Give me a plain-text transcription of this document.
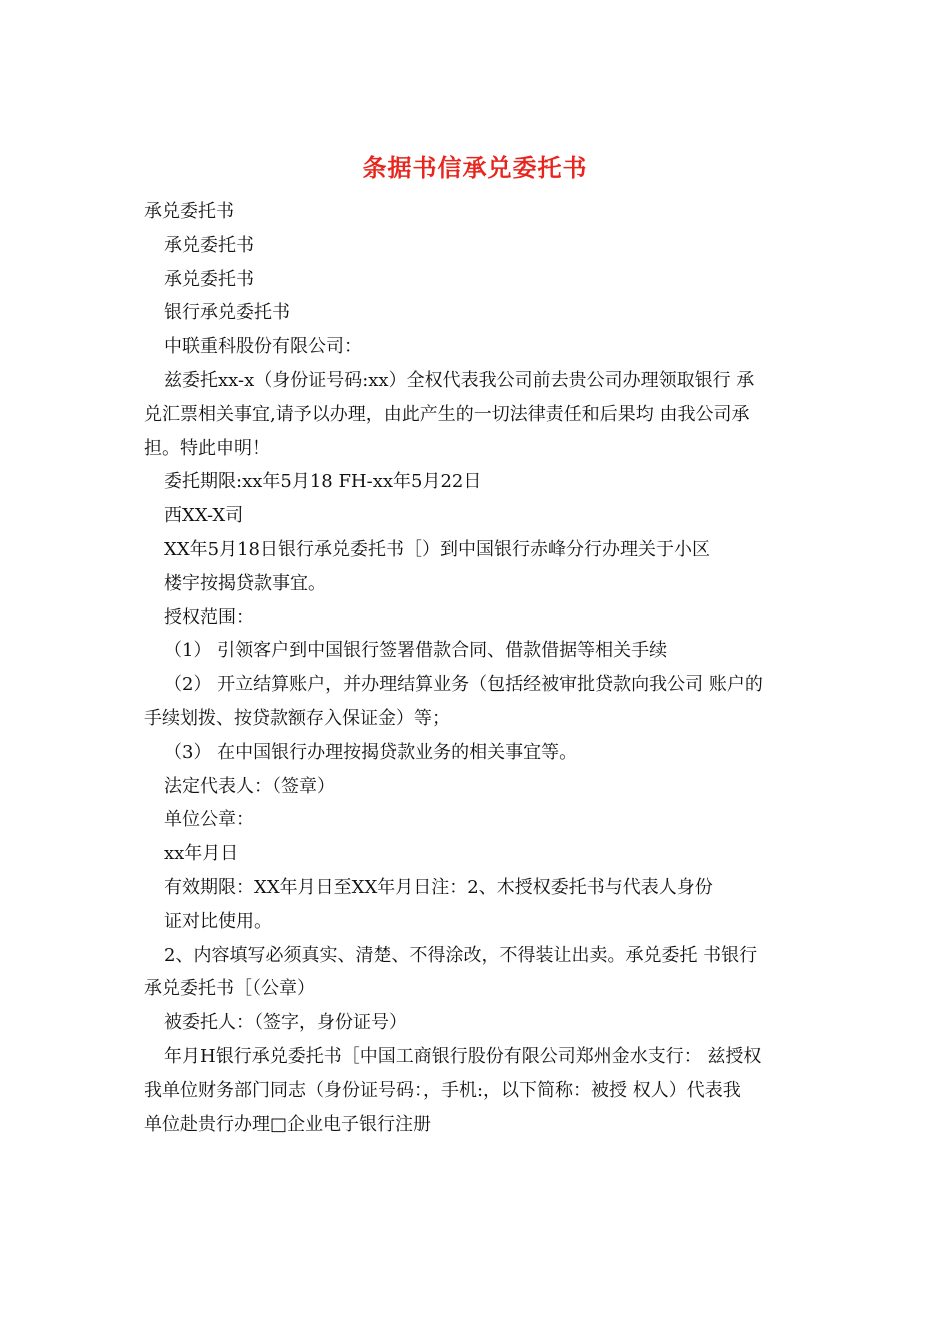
条据书信承兑委托书
承兑委托书
承兑委托书
承兑委托书
银行承兑委托书
中联重科股份有限公司：
兹委托xx-x（身份证号码:xx）全权代表我公司前去贵公司办理领取银行 承
兑汇票相关事宜,请予以办理，由此产生的一切法律责任和后果均 由我公司承
担。特此申明！
委托期限:xx年5月18 FH-xx年5月22日
西XX-X司
XX年5月18日银行承兑委托书［）到中国银行赤峰分行办理关于小区
楼宇按揭贷款事宜。
授权范围：
（1） 引领客户到中国银行签署借款合同、借款借据等相关手续
（2） 开立结算账户，并办理结算业务（包括经被审批贷款向我公司 账户的
手续划拨、按贷款额存入保证金）等；
（3） 在中国银行办理按揭贷款业务的相关事宜等。
法定代表人：（签章）
单位公章：
xx年月日
有效期限：XX年月日至XX年月日注：2、木授权委托书与代表人身份
证对比使用。
2、内容填写必须真实、清楚、不得涂改，不得装让出卖。承兑委托 书银行
承兑委托书［（公章）
被委托人：（签字，身份证号）
年月H银行承兑委托书［中国工商银行股份有限公司郑州金水支行： 兹授权
我单位财务部门同志（身份证号码：，手机:，以下简称：被授 权人）代表我
单位赴贵行办理□企业电子银行注册
